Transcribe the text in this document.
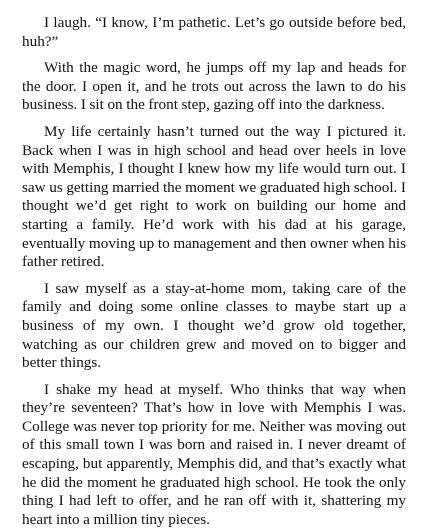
I laugh. “I know, I’m pathetic. Let’s go outside before bed, huh?”

With the magic word, he jumps off my lap and heads for the door. I open it, and he trots out across the lawn to do his business. I sit on the front step, gazing off into the darkness.

My life certainly hasn’t turned out the way I pictured it. Back when I was in high school and head over heels in love with Memphis, I thought I knew how my life would turn out. I saw us getting married the moment we graduated high school. I thought we’d get right to work on building our home and starting a family. He’d work with his dad at his garage, eventually moving up to management and then owner when his father retired.

I saw myself as a stay-at-home mom, taking care of the family and doing some online classes to maybe start up a business of my own. I thought we’d grow old together, watching as our children grew and moved on to bigger and better things.

I shake my head at myself. Who thinks that way when they’re seventeen? That’s how in love with Memphis I was. College was never top priority for me. Neither was moving out of this small town I was born and raised in. I never dreamt of escaping, but apparently, Memphis did, and that’s exactly what he did the moment he graduated high school. He took the only thing I had left to offer, and he ran off with it, shattering my heart into a million tiny pieces.
